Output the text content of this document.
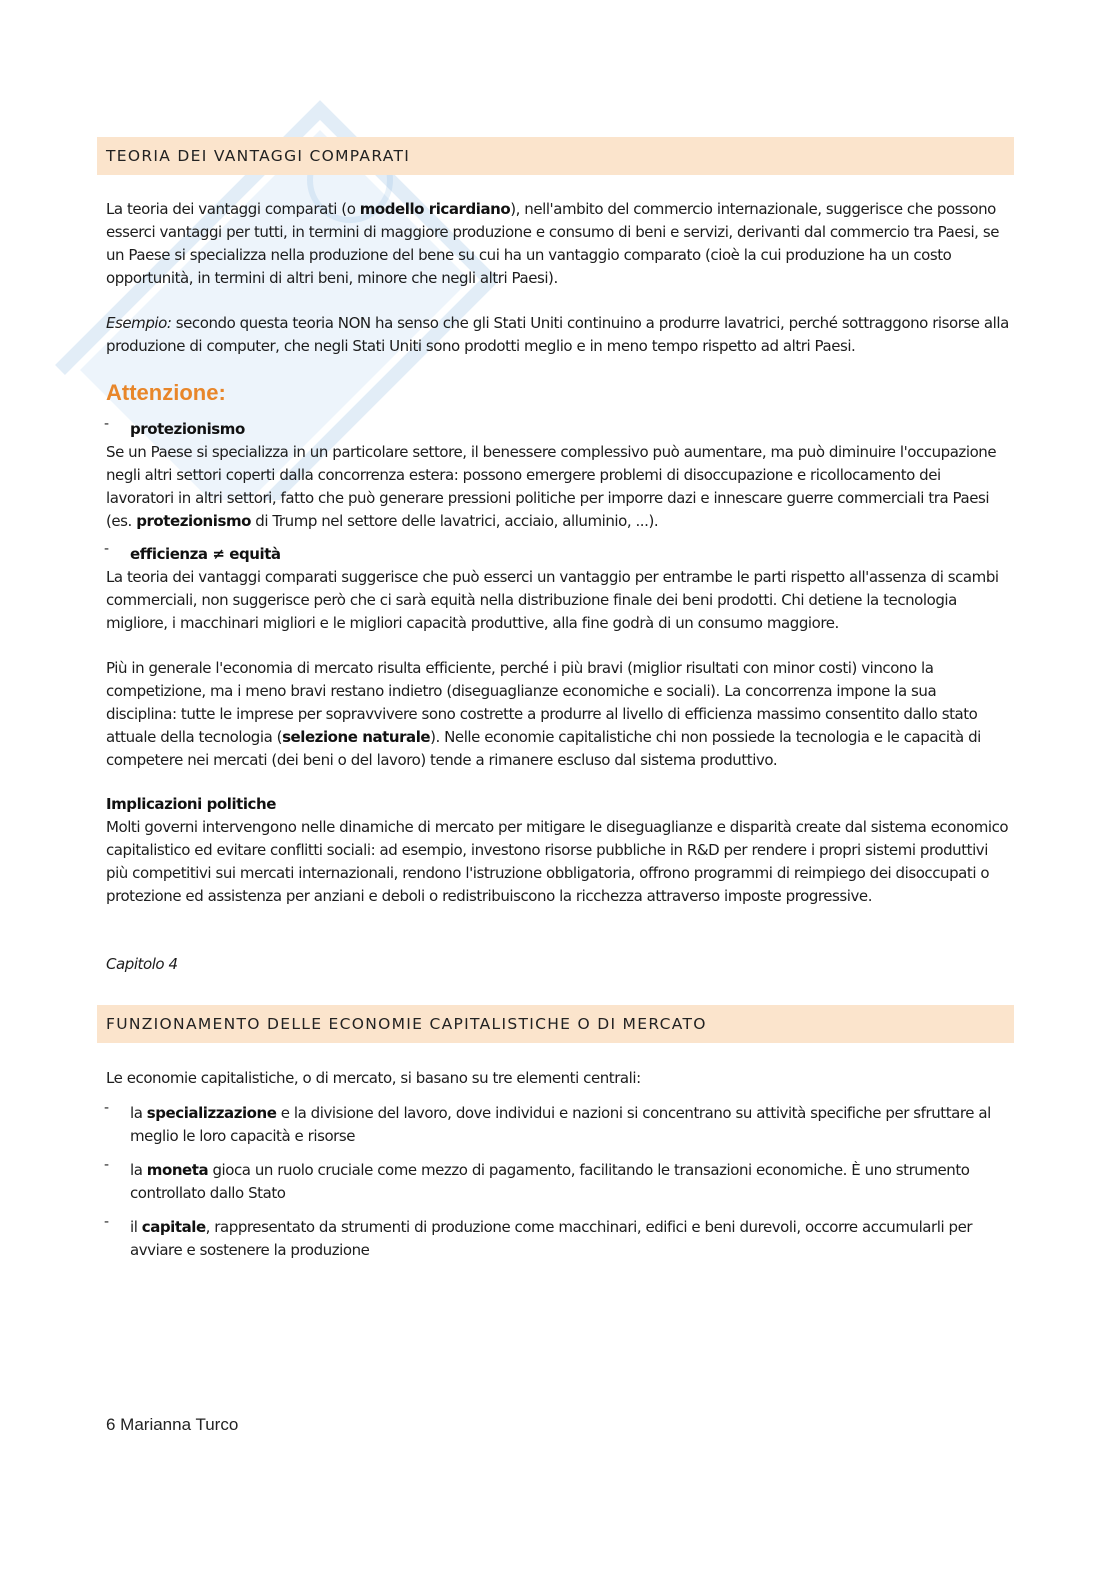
TEORIA DEI VANTAGGI COMPARATI

La teoria dei vantaggi comparati (o modello ricardiano), nell'ambito del commercio internazionale, suggerisce che possono esserci vantaggi per tutti, in termini di maggiore produzione e consumo di beni e servizi, derivanti dal commercio tra Paesi, se un Paese si specializza nella produzione del bene su cui ha un vantaggio comparato (cioè la cui produzione ha un costo opportunità, in termini di altri beni, minore che negli altri Paesi).

Esempio: secondo questa teoria NON ha senso che gli Stati Uniti continuino a produrre lavatrici, perché sottraggono risorse alla produzione di computer, che negli Stati Uniti sono prodotti meglio e in meno tempo rispetto ad altri Paesi.

Attenzione:

- protezionismo

Se un Paese si specializza in un particolare settore, il benessere complessivo può aumentare, ma può diminuire l'occupazione negli altri settori coperti dalla concorrenza estera: possono emergere problemi di disoccupazione e ricollocamento dei lavoratori in altri settori, fatto che può generare pressioni politiche per imporre dazi e innescare guerre commerciali tra Paesi (es. protezionismo di Trump nel settore delle lavatrici, acciaio, alluminio, ...).

- efficienza ≠ equità

La teoria dei vantaggi comparati suggerisce che può esserci un vantaggio per entrambe le parti rispetto all'assenza di scambi commerciali, non suggerisce però che ci sarà equità nella distribuzione finale dei beni prodotti. Chi detiene la tecnologia migliore, i macchinari migliori e le migliori capacità produttive, alla fine godrà di un consumo maggiore.

Più in generale l'economia di mercato risulta efficiente, perché i più bravi (miglior risultati con minor costi) vincono la competizione, ma i meno bravi restano indietro (diseguaglianze economiche e sociali). La concorrenza impone la sua disciplina: tutte le imprese per sopravvivere sono costrette a produrre al livello di efficienza massimo consentito dallo stato attuale della tecnologia (selezione naturale). Nelle economie capitalistiche chi non possiede la tecnologia e le capacità di competere nei mercati (dei beni o del lavoro) tende a rimanere escluso dal sistema produttivo.

Implicazioni politiche

Molti governi intervengono nelle dinamiche di mercato per mitigare le diseguaglianze e disparità create dal sistema economico capitalistico ed evitare conflitti sociali: ad esempio, investono risorse pubbliche in R&D per rendere i propri sistemi produttivi più competitivi sui mercati internazionali, rendono l'istruzione obbligatoria, offrono programmi di reimpiego dei disoccupati o protezione ed assistenza per anziani e deboli o redistribuiscono la ricchezza attraverso imposte progressive.

Capitolo 4

FUNZIONAMENTO DELLE ECONOMIE CAPITALISTICHE O DI MERCATO

Le economie capitalistiche, o di mercato, si basano su tre elementi centrali:

- la specializzazione e la divisione del lavoro, dove individui e nazioni si concentrano su attività specifiche per sfruttare al meglio le loro capacità e risorse

- la moneta gioca un ruolo cruciale come mezzo di pagamento, facilitando le transazioni economiche. È uno strumento controllato dallo Stato

- il capitale, rappresentato da strumenti di produzione come macchinari, edifici e beni durevoli, occorre accumularli per avviare e sostenere la produzione

6 Marianna Turco
